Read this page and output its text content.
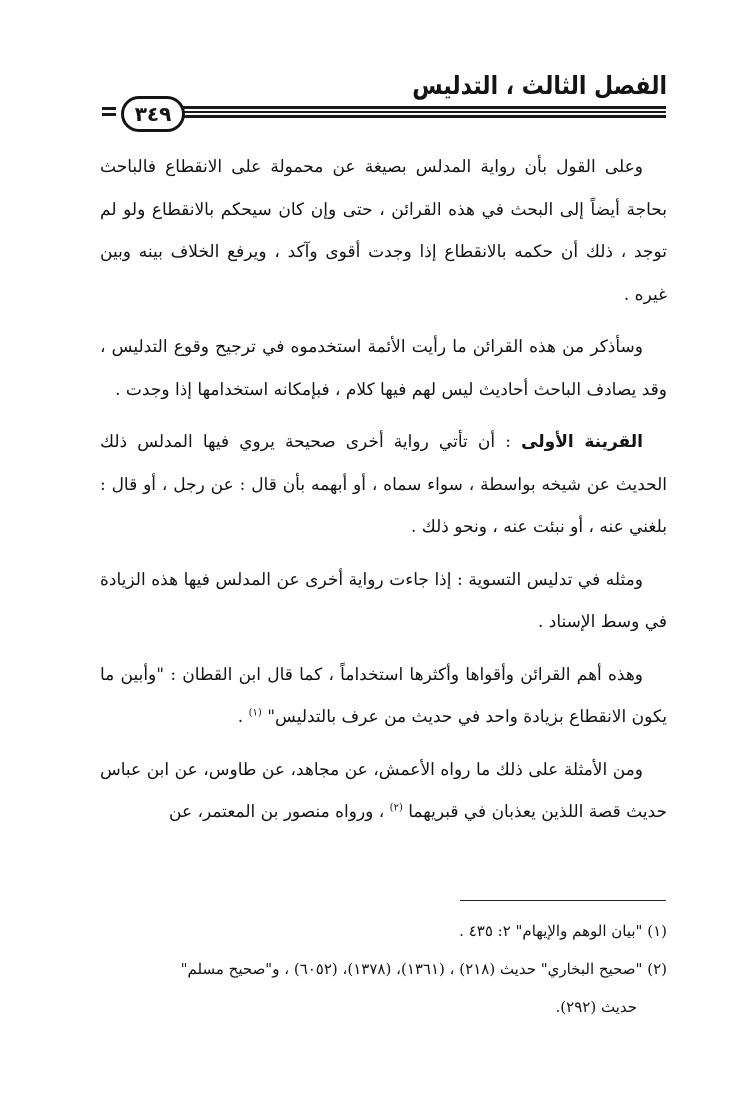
الفصل الثالث ، التدليس
٣٤٩

وعلى القول بأن رواية المدلس بصيغة عن محمولة على الانقطاع فالباحث بحاجة أيضاً إلى البحث في هذه القرائن ، حتى وإن كان سيحكم بالانقطاع ولو لم توجد ، ذلك أن حكمه بالانقطاع إذا وجدت أقوى وآكد ، ويرفع الخلاف بينه وبين غيره .

وسأذكر من هذه القرائن ما رأيت الأئمة استخدموه في ترجيح وقوع التدليس ، وقد يصادف الباحث أحاديث ليس لهم فيها كلام ، فبإمكانه استخدامها إذا وجدت .

القرينة الأولى : أن تأتي رواية أخرى صحيحة يروي فيها المدلس ذلك الحديث عن شيخه بواسطة ، سواء سماه ، أو أبهمه بأن قال : عن رجل ، أو قال : بلغني عنه ، أو نبئت عنه ، ونحو ذلك .

ومثله في تدليس التسوية : إذا جاءت رواية أخرى عن المدلس فيها هذه الزيادة في وسط الإسناد .

وهذه أهم القرائن وأقواها وأكثرها استخداماً ، كما قال ابن القطان : "وأبين ما يكون الانقطاع بزيادة واحد في حديث من عرف بالتدليس" $^{(١)}$ .

ومن الأمثلة على ذلك ما رواه الأعمش، عن مجاهد، عن طاوس، عن ابن عباس حديث قصة اللذين يعذبان في قبريهما $^{(٢)}$ ، ورواه منصور بن المعتمر، عن

(١) "بيان الوهم والإيهام" ٢: ٤٣٥ .

(٢) "صحيح البخاري" حديث (٢١٨) ، (١٣٦١)، (١٣٧٨)، (٦٠٥٢) ، و"صحيح مسلم"

حديث (٢٩٢).
